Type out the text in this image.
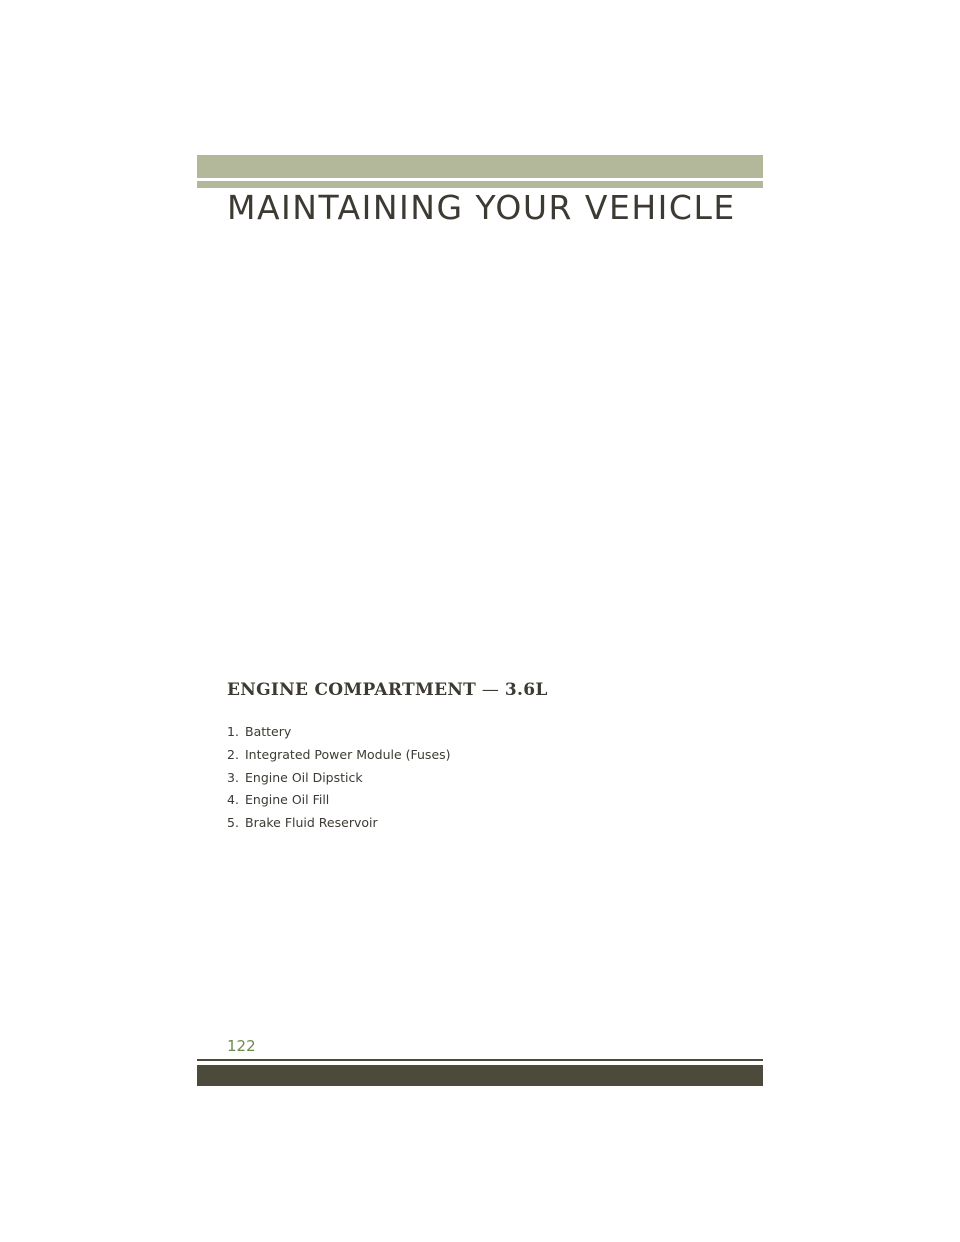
MAINTAINING YOUR VEHICLE
ENGINE COMPARTMENT — 3.6L
1. Battery
2. Integrated Power Module (Fuses)
3. Engine Oil Dipstick
4. Engine Oil Fill
5. Brake Fluid Reservoir
122
